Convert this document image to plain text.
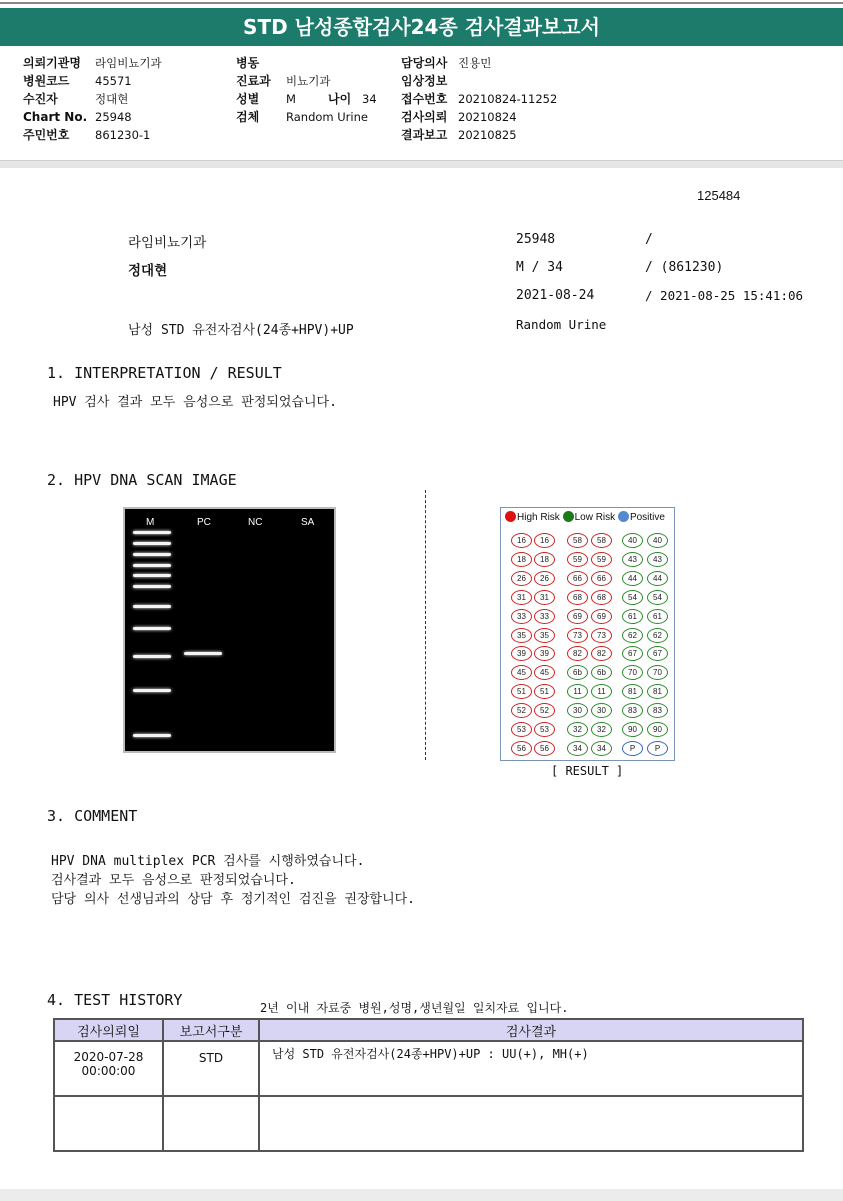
STD 남성종합검사24종 검사결과보고서
의뢰기관명 라임비뇨기과
병원코드 45571
수진자	정대현
Chart No. 25948
주민번호 861230-1
병동
진료과 비뇨기과
성별 M	나이 34
검체 Random Urine
담당의사 진용민
임상정보
접수번호 20210824-11252
검사의뢰 20210824
결과보고 20210825
125484
라임비뇨기과
정대현
남성 STD 유전자검사(24종+HPV)+UP
25948	/
M / 34	/ (861230)
2021-08-24	/ 2021-08-25 15:41:06
Random Urine
1. INTERPRETATION / RESULT
HPV 검사 결과 모두 음성으로 판정되었습니다.
2. HPV DNA SCAN IMAGE
M	PC	NC	SA	High Risk Low Risk Positive
16	16
18	18
26	26
31	31
33	33
35	35
39	39
45	45
51	51
52	52
53	53
56	56
58	58
59	59
66	66
68	68
69	69
73	73
82	82
6b	6b
11	11
30	30
32	32
34	34
40	40
43	43
44	44
54	54
61	61
62	62
67	67
70	70
81	81
83	83
90	90
P	P
[ RESULT ]
3. COMMENT
HPV DNA multiplex PCR 검사를 시행하였습니다.
검사결과 모두 음성으로 판정되었습니다.
담당 의사 선생님과의 상담 후 정기적인 검진을 권장합니다.
4. TEST HISTORY	2년 이내 자료중 병원,성명,생년월일 일치자료 입니다.
검사의뢰일	보고서구분	검사결과

2020-07-28
00:00:00	STD	남성 STD 유전자검사(24종+HPV)+UP : UU(+), MH(+)
